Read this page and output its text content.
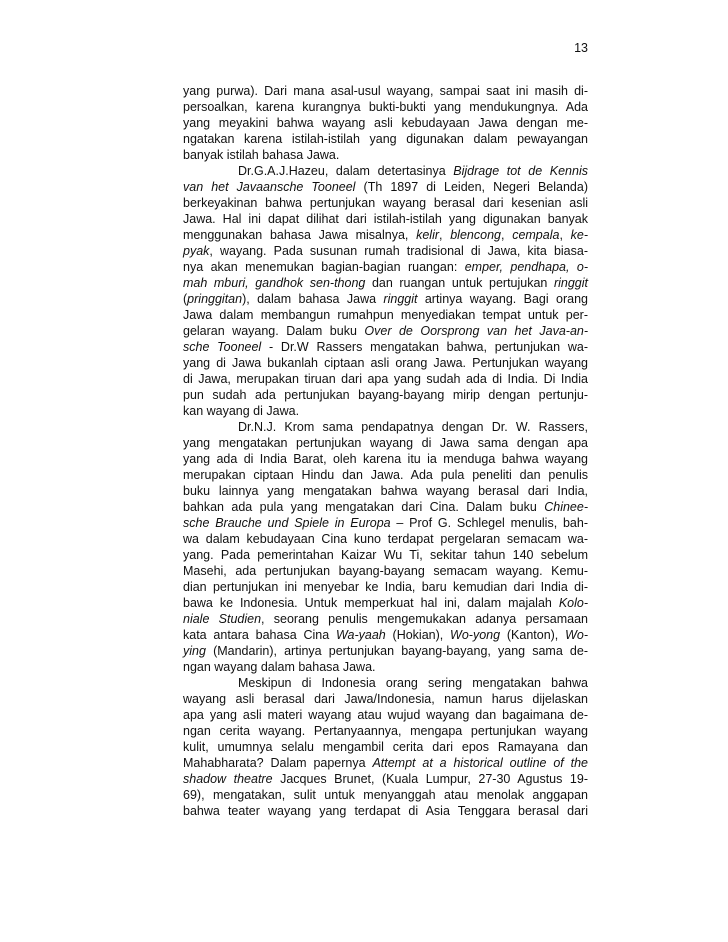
13
yang purwa). Dari mana asal-usul wayang, sampai saat ini masih di-
persoalkan, karena kurangnya bukti-bukti yang mendukungnya. Ada
yang meyakini bahwa wayang asli kebudayaan Jawa dengan me-
ngatakan karena istilah-istilah yang digunakan dalam pewayangan
banyak istilah bahasa Jawa.
Dr.G.A.J.Hazeu, dalam detertasinya Bijdrage tot de Kennis
van het Javaansche Tooneel (Th 1897 di Leiden, Negeri Belanda)
berkeyakinan bahwa pertunjukan wayang berasal dari kesenian asli
Jawa. Hal ini dapat dilihat dari istilah-istilah yang digunakan banyak
menggunakan bahasa Jawa misalnya, kelir, blencong, cempala, ke-
pyak, wayang. Pada susunan rumah tradisional di Jawa, kita biasa-
nya akan menemukan bagian-bagian ruangan: emper, pendhapa, o-
mah mburi, gandhok sen-thong dan ruangan untuk pertujukan ringgit
(pringgitan), dalam bahasa Jawa ringgit artinya wayang. Bagi orang
Jawa dalam membangun rumahpun menyediakan tempat untuk per-
gelaran wayang. Dalam buku Over de Oorsprong van het Java-an-
sche Tooneel - Dr.W Rassers mengatakan bahwa, pertunjukan wa-
yang di Jawa bukanlah ciptaan asli orang Jawa. Pertunjukan wayang
di Jawa, merupakan tiruan dari apa yang sudah ada di India. Di India
pun sudah ada pertunjukan bayang-bayang mirip dengan pertunju-
kan wayang di Jawa.
Dr.N.J. Krom sama pendapatnya dengan Dr. W. Rassers,
yang mengatakan pertunjukan wayang di Jawa sama dengan apa
yang ada di India Barat, oleh karena itu ia menduga bahwa wayang
merupakan ciptaan Hindu dan Jawa. Ada pula peneliti dan penulis
buku lainnya yang mengatakan bahwa wayang berasal dari India,
bahkan ada pula yang mengatakan dari Cina. Dalam buku Chinee-
sche Brauche und Spiele in Europa – Prof G. Schlegel menulis, bah-
wa dalam kebudayaan Cina kuno terdapat pergelaran semacam wa-
yang. Pada pemerintahan Kaizar Wu Ti, sekitar tahun 140 sebelum
Masehi, ada pertunjukan bayang-bayang semacam wayang. Kemu-
dian pertunjukan ini menyebar ke India, baru kemudian dari India di-
bawa ke Indonesia. Untuk memperkuat hal ini, dalam majalah Kolo-
niale Studien, seorang penulis mengemukakan adanya persamaan
kata antara bahasa Cina Wa-yaah (Hokian), Wo-yong (Kanton), Wo-
ying (Mandarin), artinya pertunjukan bayang-bayang, yang sama de-
ngan wayang dalam bahasa Jawa.
Meskipun di Indonesia orang sering mengatakan bahwa
wayang asli berasal dari Jawa/Indonesia, namun harus dijelaskan
apa yang asli materi wayang atau wujud wayang dan bagaimana de-
ngan cerita wayang. Pertanyaannya, mengapa pertunjukan wayang
kulit, umumnya selalu mengambil cerita dari epos Ramayana dan
Mahabharata? Dalam papernya Attempt at a historical outline of the
shadow theatre Jacques Brunet, (Kuala Lumpur, 27-30 Agustus 19-
69), mengatakan, sulit untuk menyanggah atau menolak anggapan
bahwa teater wayang yang terdapat di Asia Tenggara berasal dari
